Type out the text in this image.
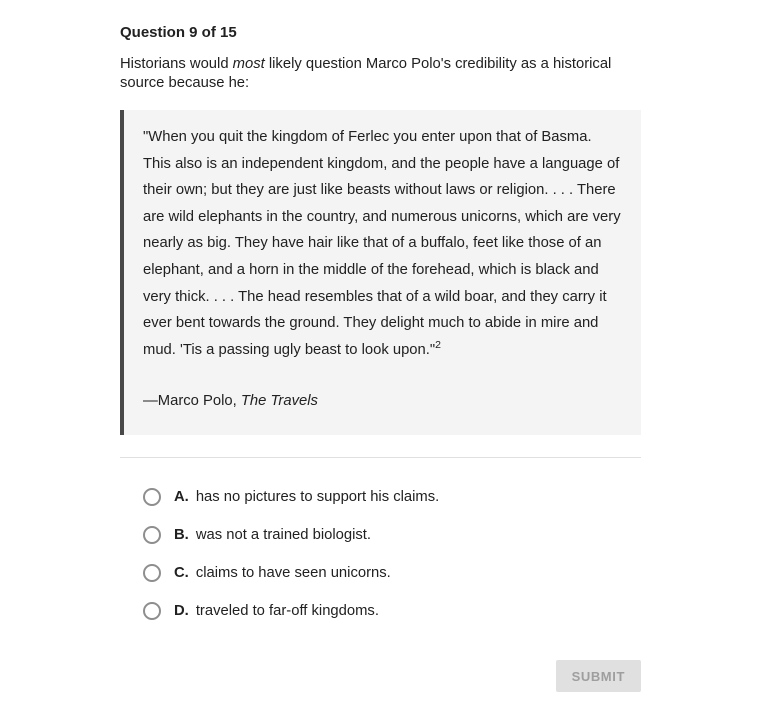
Question 9 of 15

Historians would most likely question Marco Polo's credibility as a historical source because he:

"When you quit the kingdom of Ferlec you enter upon that of Basma. This also is an independent kingdom, and the people have a language of their own; but they are just like beasts without laws or religion. . . . There are wild elephants in the country, and numerous unicorns, which are very nearly as big. They have hair like that of a buffalo, feet like those of an elephant, and a horn in the middle of the forehead, which is black and very thick. . . . The head resembles that of a wild boar, and they carry it ever bent towards the ground. They delight much to abide in mire and mud. 'Tis a passing ugly beast to look upon."$^2$

—Marco Polo, The Travels

A. has no pictures to support his claims.
B. was not a trained biologist.
C. claims to have seen unicorns.
D. traveled to far-off kingdoms.
SUBMIT
